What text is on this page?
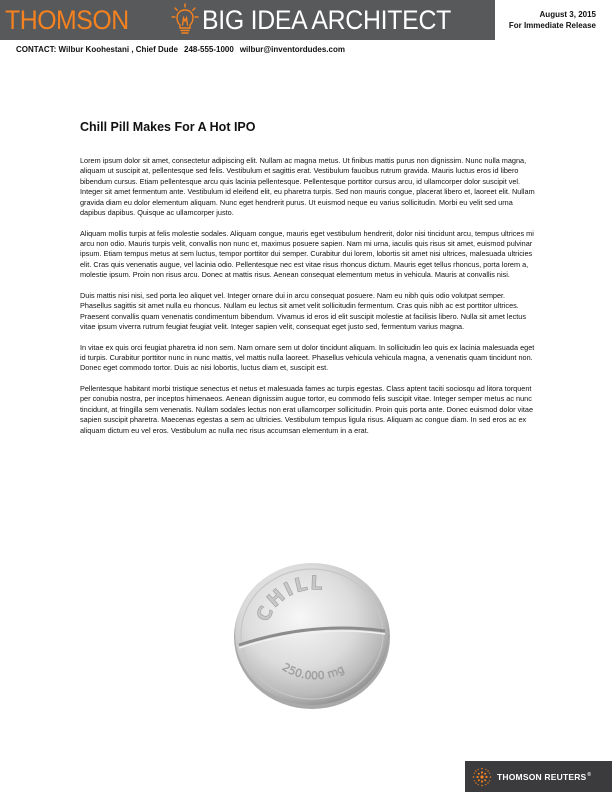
THOMSON	BIG IDEA ARCHITECT	August 3, 2015
For Immediate Release
CONTACT: Wilbur Koohestani , Chief Dude 248-555-1000 wilbur@inventordudes.com
Chill Pill Makes For A Hot IPO

Lorem ipsum dolor sit amet, consectetur adipiscing elit. Nullam ac magna metus. Ut finibus mattis purus non dignissim. Nunc nulla magna, aliquam ut suscipit at, pellentesque sed felis. Vestibulum et sagittis erat. Vestibulum faucibus rutrum gravida. Mauris luctus eros id libero bibendum cursus. Etiam pellentesque arcu quis lacinia pellentesque. Pellentesque porttitor cursus arcu, id ullamcorper dolor suscipit vel. Integer sit amet fermentum ante. Vestibulum id eleifend elit, eu pharetra turpis. Sed non mauris congue, placerat libero et, laoreet elit. Nullam gravida diam eu dolor elementum aliquam. Nunc eget hendrerit purus. Ut euismod neque eu varius sollicitudin. Morbi eu velit sed urna dapibus dapibus. Quisque ac ullamcorper justo.

Aliquam mollis turpis at felis molestie sodales. Aliquam congue, mauris eget vestibulum hendrerit, dolor nisi tincidunt arcu, tempus ultrices mi arcu non odio. Mauris turpis velit, convallis non nunc et, maximus posuere sapien. Nam mi urna, iaculis quis risus sit amet, euismod pulvinar ipsum. Etiam tempus metus at sem luctus, tempor porttitor dui semper. Curabitur dui lorem, lobortis sit amet nisi ultrices, malesuada ultricies elit. Cras quis venenatis augue, vel lacinia odio. Pellentesque nec est vitae risus rhoncus dictum. Mauris eget tellus rhoncus, porta lorem a, molestie ipsum. Proin non risus arcu. Donec at mattis risus. Aenean consequat elementum metus in vehicula. Mauris at convallis nisi.

Duis mattis nisi nisi, sed porta leo aliquet vel. Integer ornare dui in arcu consequat posuere. Nam eu nibh quis odio volutpat semper. Phasellus sagittis sit amet nulla eu rhoncus. Nullam eu lectus sit amet velit sollicitudin fermentum. Cras quis nibh ac est porttitor ultrices. Praesent convallis quam venenatis condimentum bibendum. Vivamus id eros id elit suscipit molestie at facilisis libero. Nulla sit amet lectus vitae ipsum viverra rutrum feugiat feugiat velit. Integer sapien velit, consequat eget justo sed, fermentum varius magna.

In vitae ex quis orci feugiat pharetra id non sem. Nam ornare sem ut dolor tincidunt aliquam. In sollicitudin leo quis ex lacinia malesuada eget id turpis. Curabitur porttitor nunc in nunc mattis, vel mattis nulla laoreet. Phasellus vehicula vehicula magna, a venenatis quam tincidunt non. Donec eget commodo tortor. Duis ac nisi lobortis, luctus diam et, suscipit est.

Pellentesque habitant morbi tristique senectus et netus et malesuada fames ac turpis egestas. Class aptent taciti sociosqu ad litora torquent per conubia nostra, per inceptos himenaeos. Aenean dignissim augue tortor, eu commodo felis suscipit vitae. Integer semper metus ac nunc tincidunt, at fringilla sem venenatis. Nullam sodales lectus non erat ullamcorper sollicitudin. Proin quis porta ante. Donec euismod dolor vitae sapien suscipit pharetra. Maecenas egestas a sem ac ultricies. Vestibulum tempus ligula risus. Aliquam ac congue diam. In sed eros ac ex aliquam dictum eu vel eros. Vestibulum ac nulla nec risus accumsan elementum in a erat.

CHILL
250.000 mg
THOMSON REUTERS®
